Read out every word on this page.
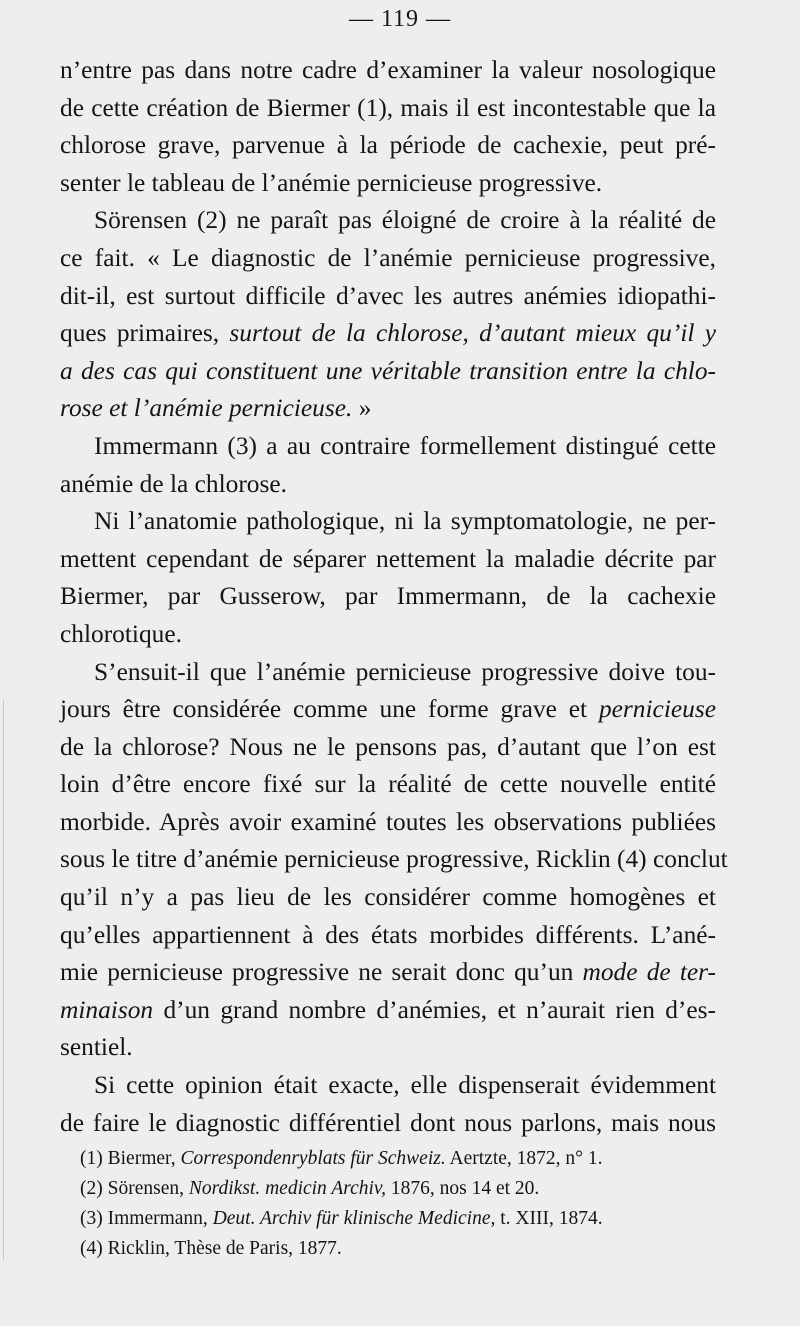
— 119 —

n’entre pas dans notre cadre d’examiner la valeur nosologique
de cette création de Biermer (1), mais il est incontestable que la
chlorose grave, parvenue à la période de cachexie, peut pré-
senter le tableau de l’anémie pernicieuse progressive.

Sörensen (2) ne paraît pas éloigné de croire à la réalité de
ce fait. « Le diagnostic de l’anémie pernicieuse progressive,
dit-il, est surtout difficile d’avec les autres anémies idiopathi-
ques primaires, surtout de la chlorose, d’autant mieux qu’il y
a des cas qui constituent une véritable transition entre la chlo-
rose et l’anémie pernicieuse. »

Immermann (3) a au contraire formellement distingué cette
anémie de la chlorose.

Ni l’anatomie pathologique, ni la symptomatologie, ne per-
mettent cependant de séparer nettement la maladie décrite par
Biermer, par Gusserow, par Immermann, de la cachexie
chlorotique.

S’ensuit-il que l’anémie pernicieuse progressive doive tou-
jours être considérée comme une forme grave et pernicieuse
de la chlorose? Nous ne le pensons pas, d’autant que l’on est
loin d’être encore fixé sur la réalité de cette nouvelle entité
morbide. Après avoir examiné toutes les observations publiées
sous le titre d’anémie pernicieuse progressive, Ricklin (4) conclut
qu’il n’y a pas lieu de les considérer comme homogènes et
qu’elles appartiennent à des états morbides différents. L’ané-
mie pernicieuse progressive ne serait donc qu’un mode de ter-
minaison d’un grand nombre d’anémies, et n’aurait rien d’es-
sentiel.

Si cette opinion était exacte, elle dispenserait évidemment
de faire le diagnostic différentiel dont nous parlons, mais nous

(1) Biermer, Correspondenryblats für Schweiz. Aertzte, 1872, n° 1.
(2) Sörensen, Nordikst. medicin Archiv, 1876, nos 14 et 20.
(3) Immermann, Deut. Archiv für klinische Medicine, t. XIII, 1874.
(4) Ricklin, Thèse de Paris, 1877.
